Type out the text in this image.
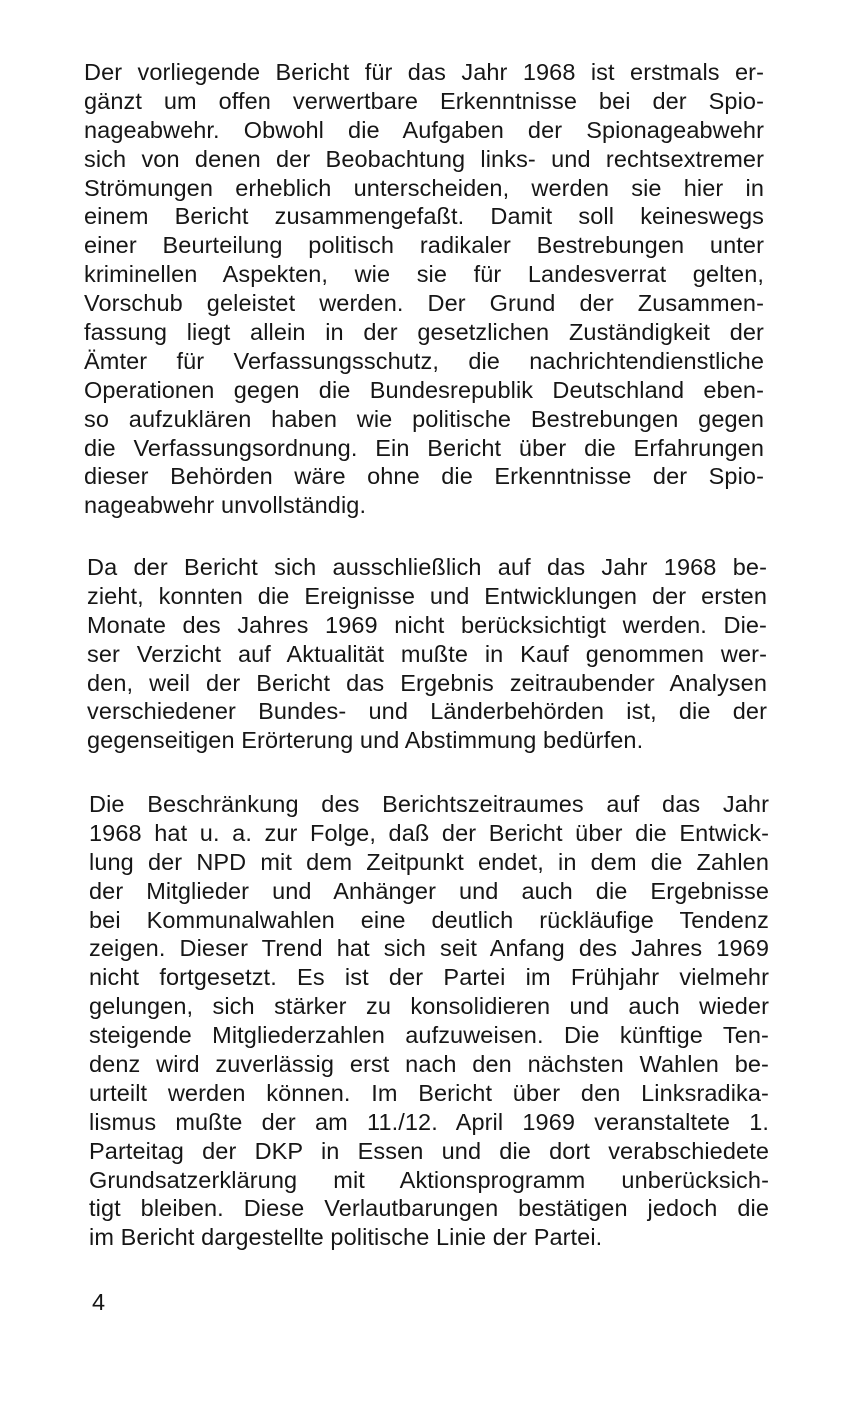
Der vorliegende Bericht für das Jahr 1968 ist erstmals er-
gänzt um offen verwertbare Erkenntnisse bei der Spio-
nageabwehr. Obwohl die Aufgaben der Spionageabwehr
sich von denen der Beobachtung links- und rechtsextremer
Strömungen erheblich unterscheiden, werden sie hier in
einem Bericht zusammengefaßt. Damit soll keineswegs
einer Beurteilung politisch radikaler Bestrebungen unter
kriminellen Aspekten, wie sie für Landesverrat gelten,
Vorschub geleistet werden. Der Grund der Zusammen-
fassung liegt allein in der gesetzlichen Zuständigkeit der
Ämter für Verfassungsschutz, die nachrichtendienstliche
Operationen gegen die Bundesrepublik Deutschland eben-
so aufzuklären haben wie politische Bestrebungen gegen
die Verfassungsordnung. Ein Bericht über die Erfahrungen
dieser Behörden wäre ohne die Erkenntnisse der Spio-
nageabwehr unvollständig.
Da der Bericht sich ausschließlich auf das Jahr 1968 be-
zieht, konnten die Ereignisse und Entwicklungen der ersten
Monate des Jahres 1969 nicht berücksichtigt werden. Die-
ser Verzicht auf Aktualität mußte in Kauf genommen wer-
den, weil der Bericht das Ergebnis zeitraubender Analysen
verschiedener Bundes- und Länderbehörden ist, die der
gegenseitigen Erörterung und Abstimmung bedürfen.
Die Beschränkung des Berichtszeitraumes auf das Jahr
1968 hat u. a. zur Folge, daß der Bericht über die Entwick-
lung der NPD mit dem Zeitpunkt endet, in dem die Zahlen
der Mitglieder und Anhänger und auch die Ergebnisse
bei Kommunalwahlen eine deutlich rückläufige Tendenz
zeigen. Dieser Trend hat sich seit Anfang des Jahres 1969
nicht fortgesetzt. Es ist der Partei im Frühjahr vielmehr
gelungen, sich stärker zu konsolidieren und auch wieder
steigende Mitgliederzahlen aufzuweisen. Die künftige Ten-
denz wird zuverlässig erst nach den nächsten Wahlen be-
urteilt werden können. Im Bericht über den Linksradika-
lismus mußte der am 11./12. April 1969 veranstaltete 1.
Parteitag der DKP in Essen und die dort verabschiedete
Grundsatzerklärung mit Aktionsprogramm unberücksich-
tigt bleiben. Diese Verlautbarungen bestätigen jedoch die
im Bericht dargestellte politische Linie der Partei.
4
